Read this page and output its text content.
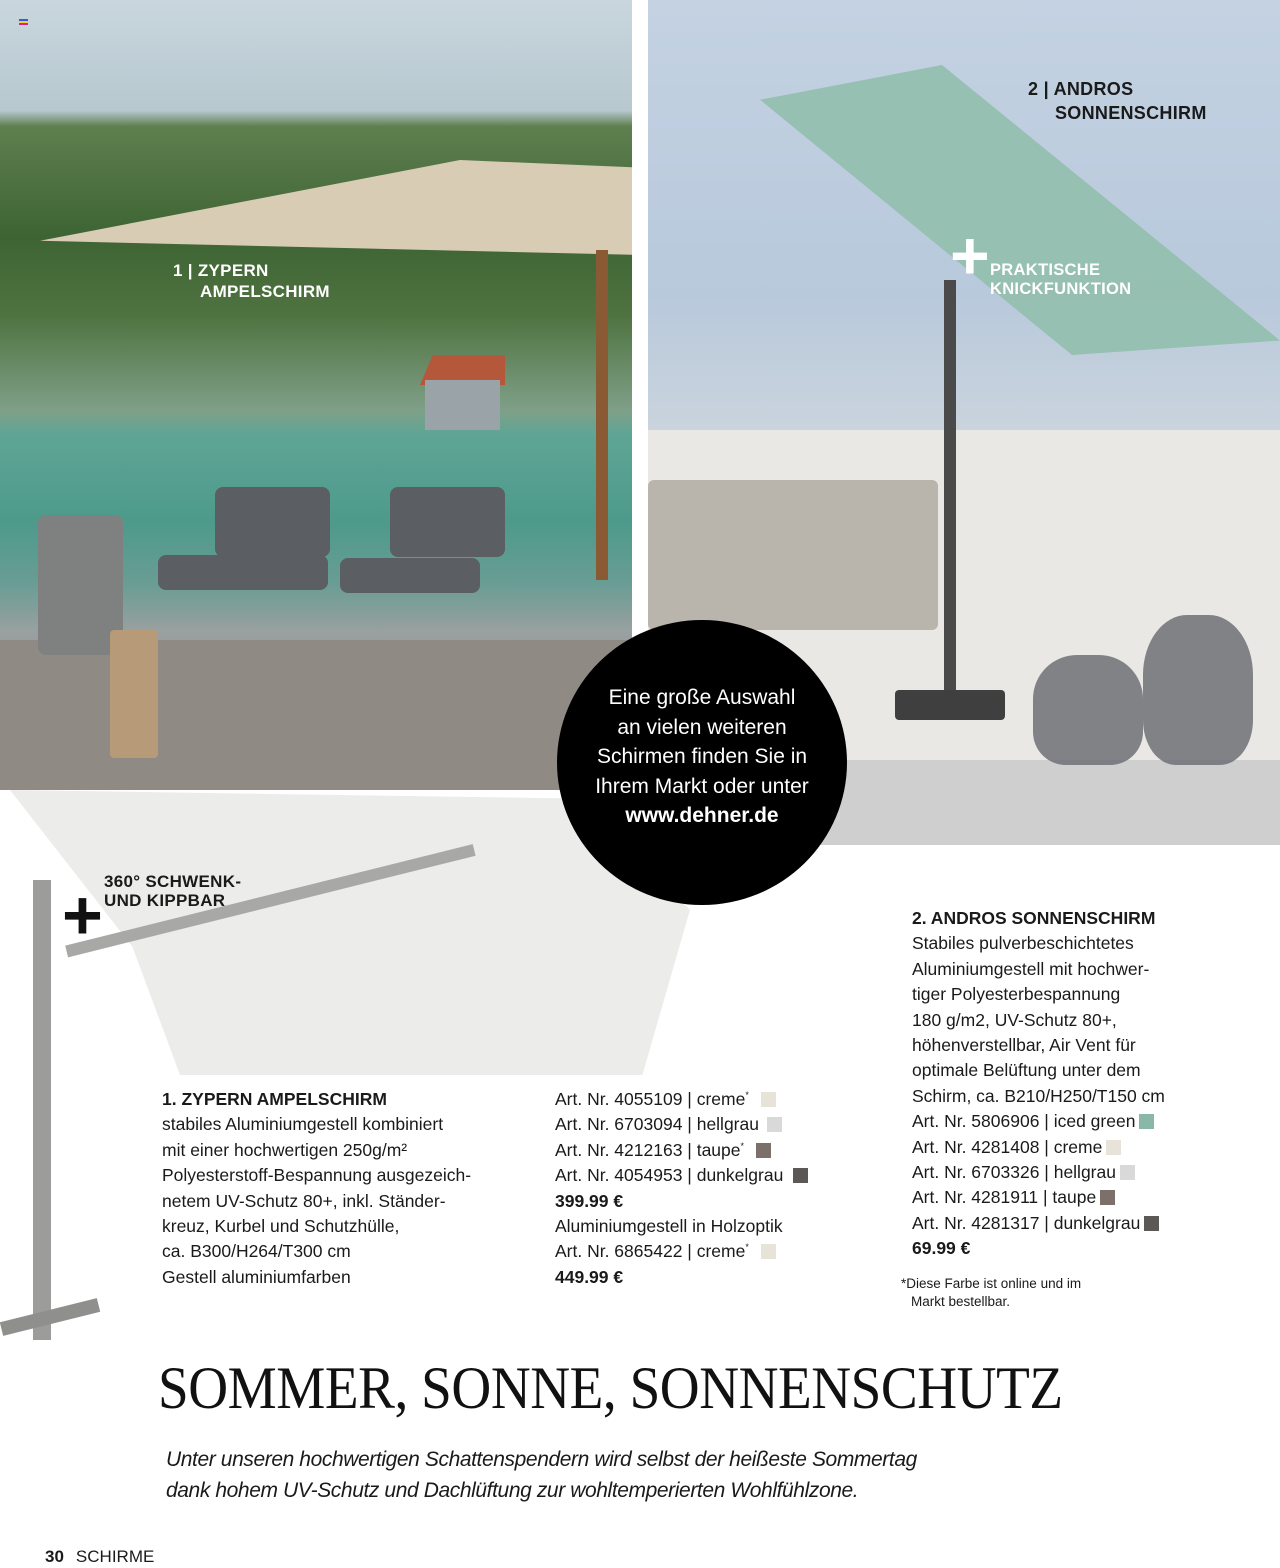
1 | ZYPERN
AMPELSCHIRM
2 | ANDROS
SONNENSCHIRM
+ PRAKTISCHE
KNICKFUNKTION
+ 360° SCHWENK-
UND KIPPBAR
Eine große Auswahl
an vielen weiteren
Schirmen finden Sie in
Ihrem Markt oder unter
www.dehner.de
1. ZYPERN AMPELSCHIRM
stabiles Aluminiumgestell kombiniert
mit einer hochwertigen 250g/m²
Polyesterstoff-Bespannung ausgezeich-
netem UV-Schutz 80+, inkl. Ständer-
kreuz, Kurbel und Schutzhülle,
ca. B300/H264/T300 cm
Gestell aluminiumfarben
Art. Nr. 4055109 | creme*
Art. Nr. 6703094 | hellgrau
Art. Nr. 4212163 | taupe*
Art. Nr. 4054953 | dunkelgrau
399.99 €
Aluminiumgestell in Holzoptik
Art. Nr. 6865422 | creme*
449.99 €
2. ANDROS SONNENSCHIRM
Stabiles pulverbeschichtetes
Aluminiumgestell mit hochwer-
tiger Polyesterbespannung
180 g/m2, UV-Schutz 80+,
höhenverstellbar, Air Vent für
optimale Belüftung unter dem
Schirm, ca. B210/H250/T150 cm
Art. Nr. 5806906 | iced green
Art. Nr. 4281408 | creme
Art. Nr. 6703326 | hellgrau
Art. Nr. 4281911 | taupe
Art. Nr. 4281317 | dunkelgrau
69.99 €
*Diese Farbe ist online und im
Markt bestellbar.
SOMMER, SONNE, SONNENSCHUTZ
Unter unseren hochwertigen Schattenspendern wird selbst der heißeste Sommertag
dank hohem UV-Schutz und Dachlüftung zur wohltemperierten Wohlfühlzone.
30 SCHIRME
